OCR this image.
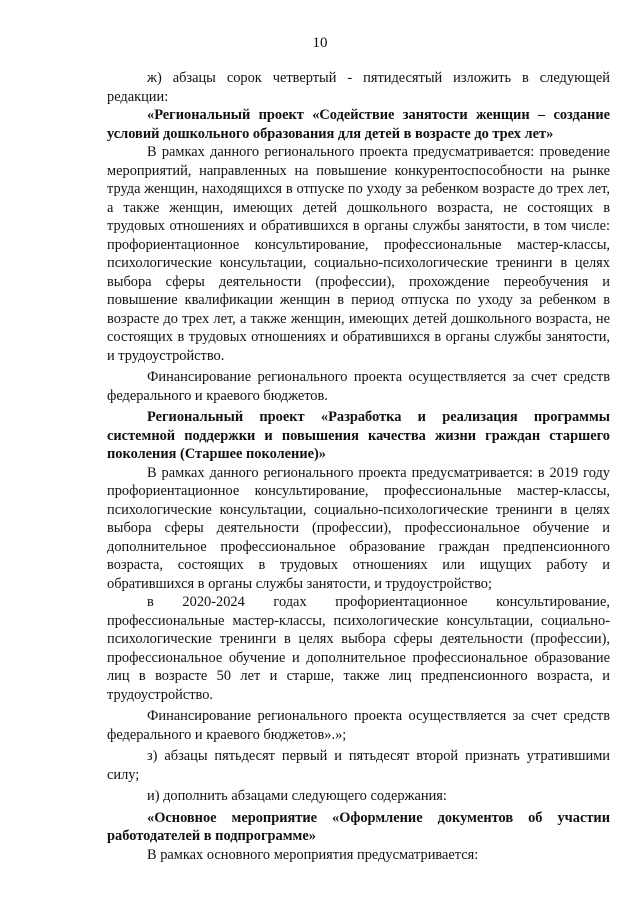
10

ж) абзацы сорок четвертый - пятидесятый изложить в следующей редакции:

«Региональный проект «Содействие занятости женщин – создание условий дошкольного образования для детей в возрасте до трех лет»

В рамках данного регионального проекта предусматривается: проведение мероприятий, направленных на повышение конкурентоспособности на рынке труда женщин, находящихся в отпуске по уходу за ребенком возрасте до трех лет, а также женщин, имеющих детей дошкольного возраста, не состоящих в трудовых отношениях и обратившихся в органы службы занятости, в том числе: профориентационное консультирование, профессиональные мастер-классы, психологические консультации, социально-психологические тренинги в целях выбора сферы деятельности (профессии), прохождение переобучения и повышение квалификации женщин в период отпуска по уходу за ребенком в возрасте до трех лет, а также женщин, имеющих детей дошкольного возраста, не состоящих в трудовых отношениях и обратившихся в органы службы занятости, и трудоустройство.

Финансирование регионального проекта осуществляется за счет средств федерального и краевого бюджетов.

Региональный проект «Разработка и реализация программы системной поддержки и повышения качества жизни граждан старшего поколения (Старшее поколение)»

В рамках данного регионального проекта предусматривается: в 2019 году профориентационное консультирование, профессиональные мастер-классы, психологические консультации, социально-психологические тренинги в целях выбора сферы деятельности (профессии), профессиональное обучение и дополнительное профессиональное образование граждан предпенсионного возраста, состоящих в трудовых отношениях или ищущих работу и обратившихся в органы службы занятости, и трудоустройство;

в 2020-2024 годах профориентационное консультирование, профессиональные мастер-классы, психологические консультации, социально-психологические тренинги в целях выбора сферы деятельности (профессии), профессиональное обучение и дополнительное профессиональное образование лиц в возрасте 50 лет и старше, также лиц предпенсионного возраста, и трудоустройство.

Финансирование регионального проекта осуществляется за счет средств федерального и краевого бюджетов».»;

з) абзацы пятьдесят первый и пятьдесят второй признать утратившими силу;

и) дополнить абзацами следующего содержания:

«Основное мероприятие «Оформление документов об участии работодателей в подпрограмме»

В рамках основного мероприятия предусматривается:
